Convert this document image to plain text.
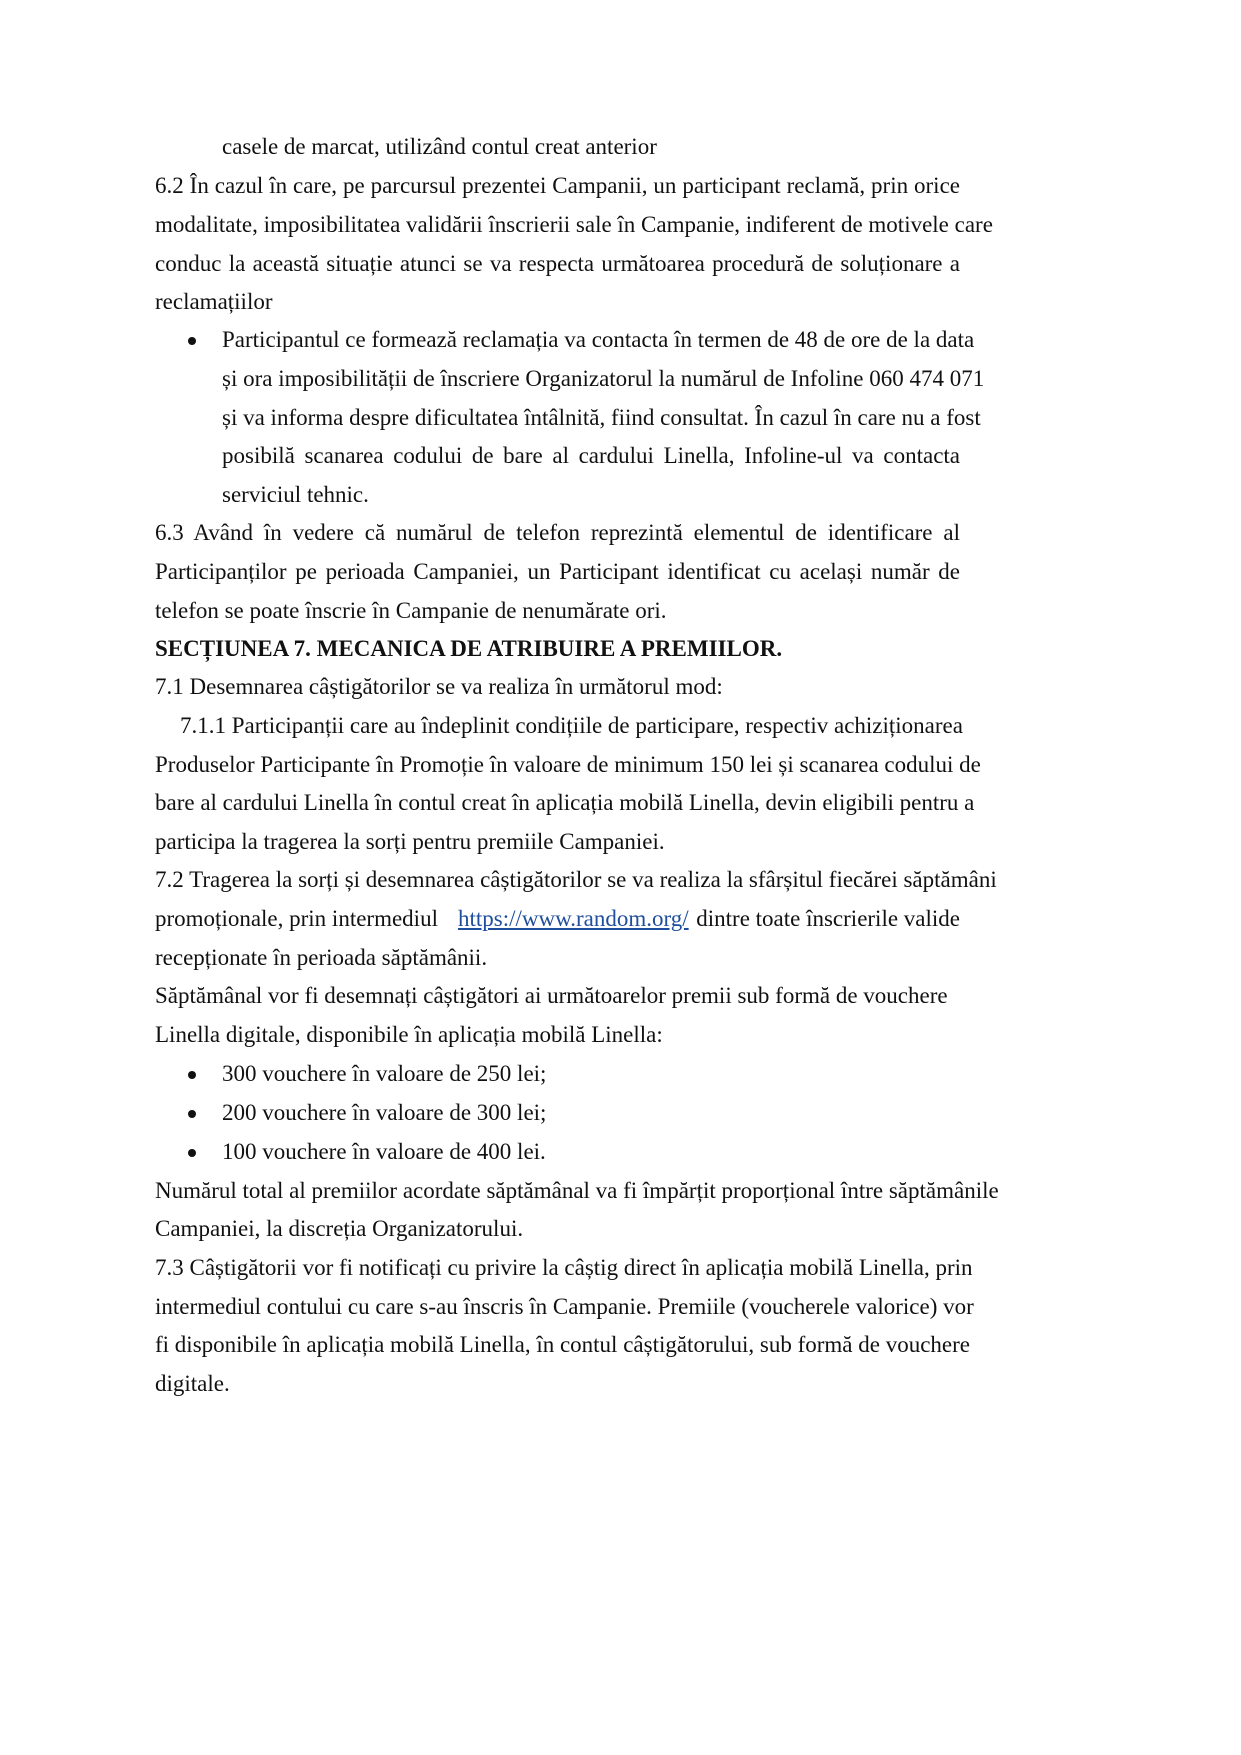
casele de marcat, utilizând contul creat anterior
6.2 În cazul în care, pe parcursul prezentei Campanii, un participant reclamă, prin orice
modalitate, imposibilitatea validării înscrierii sale în Campanie, indiferent de motivele care
conduc la această situație atunci se va respecta următoarea procedură de soluționare a
reclamațiilor
Participantul ce formează reclamația va contacta în termen de 48 de ore de la data
și ora imposibilității de înscriere Organizatorul la numărul de Infoline 060 474 071
și va informa despre dificultatea întâlnită, fiind consultat. În cazul în care nu a fost
posibilă scanarea codului de bare al cardului Linella, Infoline-ul va contacta
serviciul tehnic.
6.3 Având în vedere că numărul de telefon reprezintă elementul de identificare al
Participanților pe perioada Campaniei, un Participant identificat cu același număr de
telefon se poate înscrie în Campanie de nenumărate ori.
SECȚIUNEA 7. MECANICA DE ATRIBUIRE A PREMIILOR.
7.1 Desemnarea câștigătorilor se va realiza în următorul mod:
7.1.1 Participanții care au îndeplinit condițiile de participare, respectiv achiziționarea
Produselor Participante în Promoție în valoare de minimum 150 lei și scanarea codului de
bare al cardului Linella în contul creat în aplicația mobilă Linella, devin eligibili pentru a
participa la tragerea la sorți pentru premiile Campaniei.
7.2 Tragerea la sorți și desemnarea câștigătorilor se va realiza la sfârșitul fiecărei săptămâni
promoționale, prin intermediul https://www.random.org/ dintre toate înscrierile valide
recepționate în perioada săptămânii.
Săptămânal vor fi desemnați câștigători ai următoarelor premii sub formă de vouchere
Linella digitale, disponibile în aplicația mobilă Linella:
300 vouchere în valoare de 250 lei;
200 vouchere în valoare de 300 lei;
100 vouchere în valoare de 400 lei.
Numărul total al premiilor acordate săptămânal va fi împărțit proporțional între săptămânile
Campaniei, la discreția Organizatorului.
7.3 Câștigătorii vor fi notificați cu privire la câștig direct în aplicația mobilă Linella, prin
intermediul contului cu care s-au înscris în Campanie. Premiile (voucherele valorice) vor
fi disponibile în aplicația mobilă Linella, în contul câștigătorului, sub formă de vouchere
digitale.
